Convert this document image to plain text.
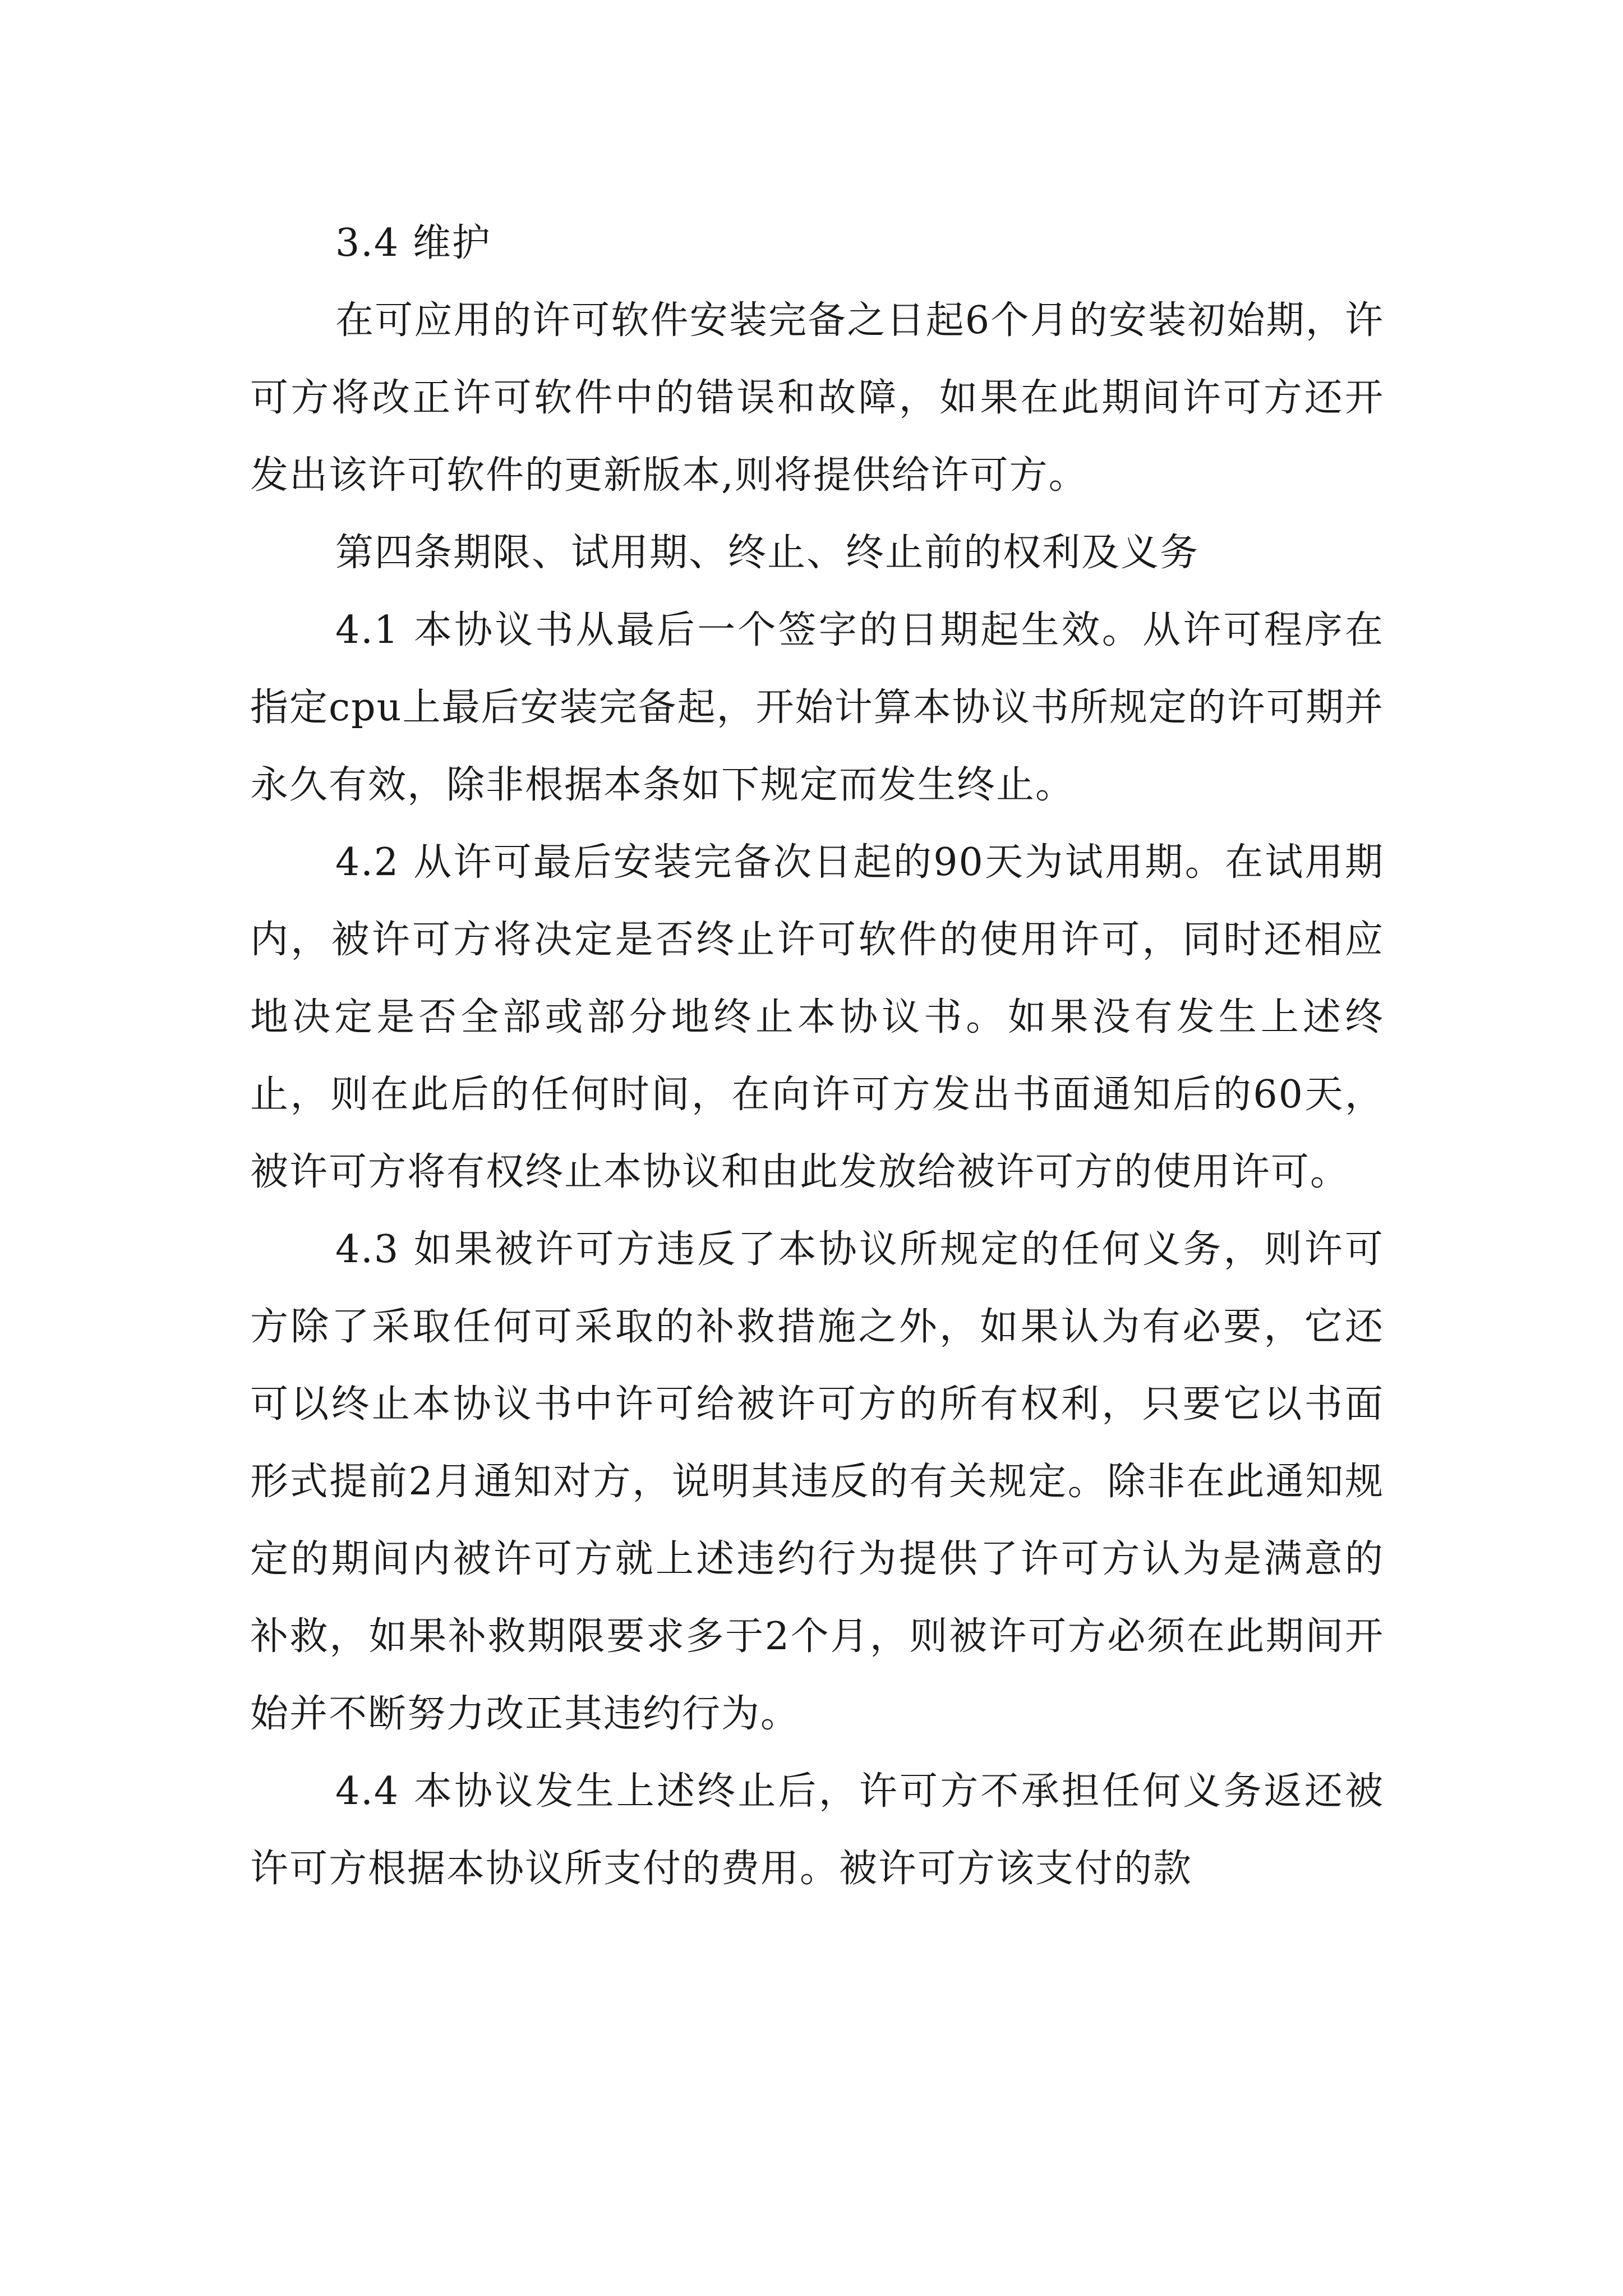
3.4 维护

在可应用的许可软件安装完备之日起6个月的安装初始期，许可方将改正许可软件中的错误和故障，如果在此期间许可方还开发出该许可软件的更新版本,则将提供给许可方。

第四条期限、试用期、终止、终止前的权利及义务

4.1 本协议书从最后一个签字的日期起生效。从许可程序在指定cpu上最后安装完备起，开始计算本协议书所规定的许可期并永久有效，除非根据本条如下规定而发生终止。

4.2 从许可最后安装完备次日起的90天为试用期。在试用期内，被许可方将决定是否终止许可软件的使用许可，同时还相应地决定是否全部或部分地终止本协议书。如果没有发生上述终止，则在此后的任何时间，在向许可方发出书面通知后的60天，被许可方将有权终止本协议和由此发放给被许可方的使用许可。

4.3 如果被许可方违反了本协议所规定的任何义务，则许可方除了采取任何可采取的补救措施之外，如果认为有必要，它还可以终止本协议书中许可给被许可方的所有权利，只要它以书面形式提前2月通知对方，说明其违反的有关规定。除非在此通知规定的期间内被许可方就上述违约行为提供了许可方认为是满意的补救，如果补救期限要求多于2个月，则被许可方必须在此期间开始并不断努力改正其违约行为。

4.4 本协议发生上述终止后，许可方不承担任何义务返还被许可方根据本协议所支付的费用。被许可方该支付的款
